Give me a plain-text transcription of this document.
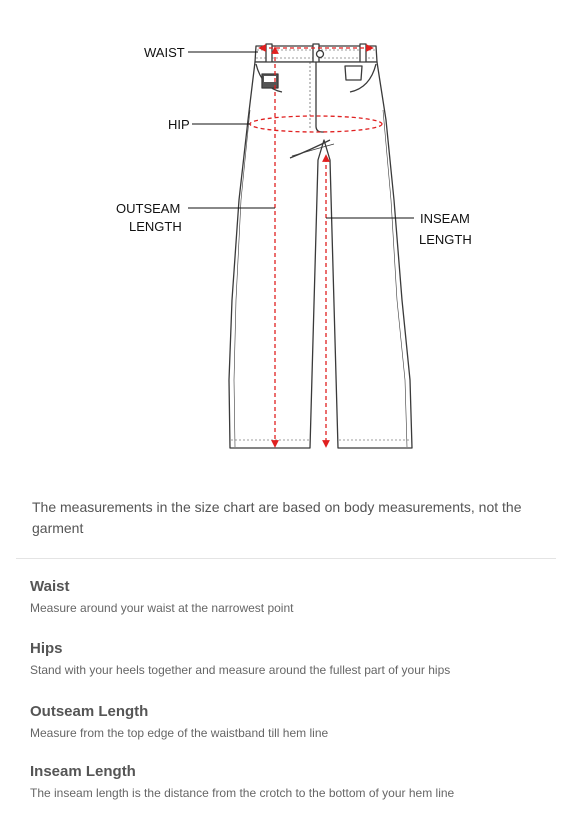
WAIST
HIP
OUTSEAM
LENGTH
INSEAM
LENGTH
The measurements in the size chart are based on body measurements, not the garment
Waist
Measure around your waist at the narrowest point
Hips
Stand with your heels together and measure around the fullest part of your hips
Outseam Length
Measure from the top edge of the waistband till hem line
Inseam Length
The inseam length is the distance from the crotch to the bottom of your hem line
